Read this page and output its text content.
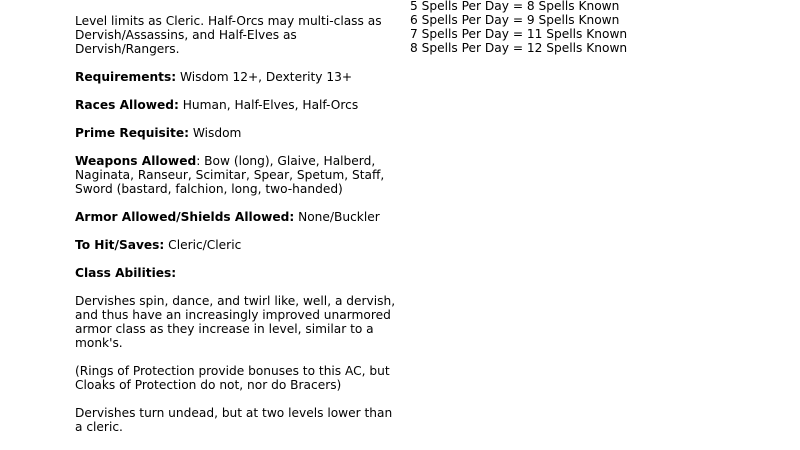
Level limits as Cleric. Half-Orcs may multi-class as
Dervish/Assassins, and Half-Elves as
Dervish/Rangers.
Requirements: Wisdom 12+, Dexterity 13+
Races Allowed: Human, Half-Elves, Half-Orcs
Prime Requisite: Wisdom
Weapons Allowed: Bow (long), Glaive, Halberd,
Naginata, Ranseur, Scimitar, Spear, Spetum, Staff,
Sword (bastard, falchion, long, two-handed)
Armor Allowed/Shields Allowed: None/Buckler
To Hit/Saves: Cleric/Cleric
Class Abilities:
Dervishes spin, dance, and twirl like, well, a dervish,
and thus have an increasingly improved unarmored
armor class as they increase in level, similar to a
monk's.
(Rings of Protection provide bonuses to this AC, but
Cloaks of Protection do not, nor do Bracers)
Dervishes turn undead, but at two levels lower than
a cleric.
5 Spells Per Day = 8 Spells Known
6 Spells Per Day = 9 Spells Known
7 Spells Per Day = 11 Spells Known
8 Spells Per Day = 12 Spells Known
